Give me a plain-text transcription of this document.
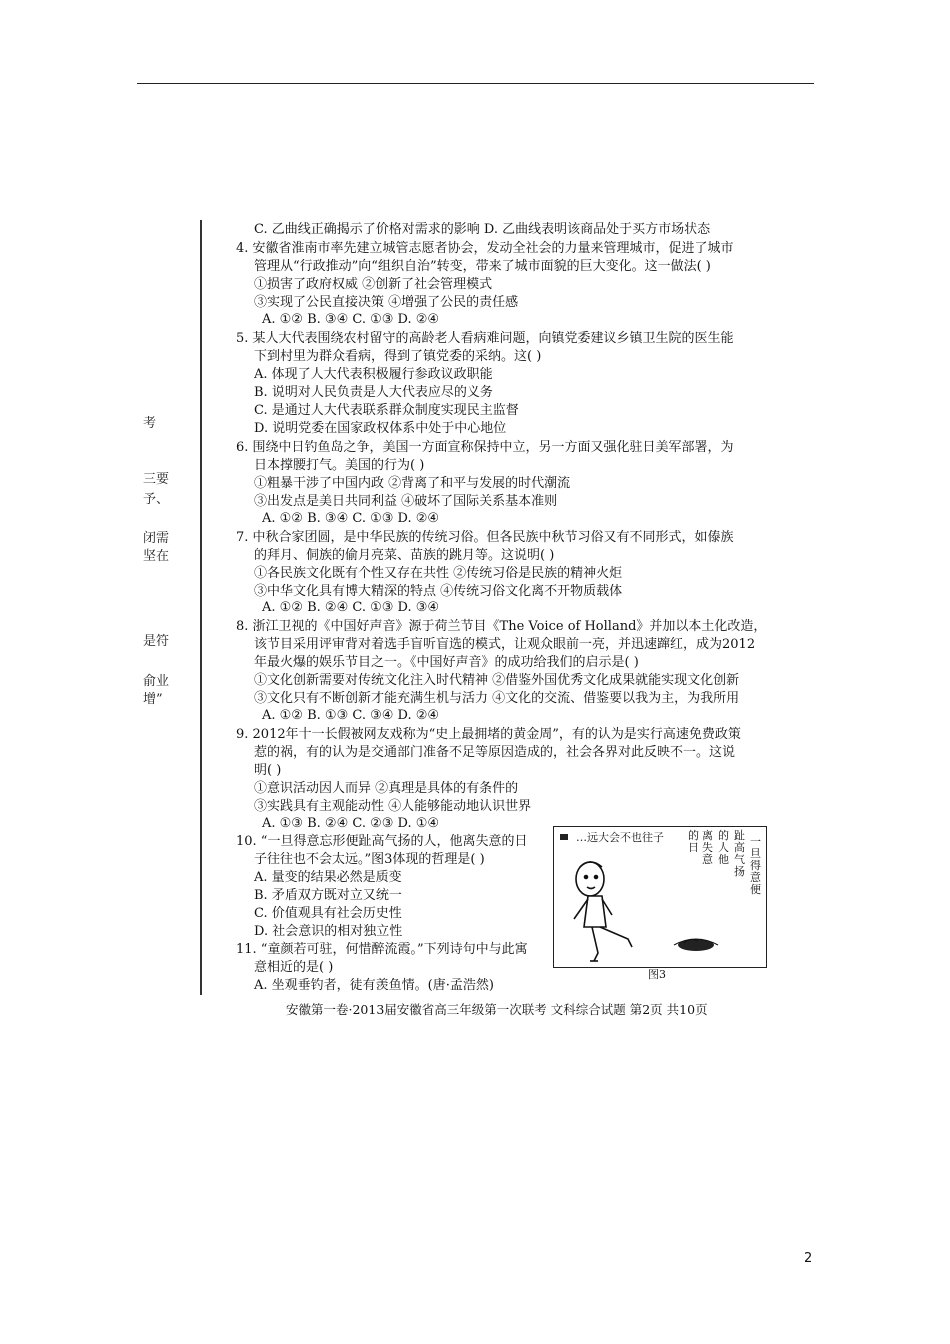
考
三要
予、
闭需
坚在
是符
俞业
增”
C. 乙曲线正确揭示了价格对需求的影响 D. 乙曲线表明该商品处于买方市场状态
4. 安徽省淮南市率先建立城管志愿者协会，发动全社会的力量来管理城市，促进了城市
管理从“行政推动”向“组织自治”转变，带来了城市面貌的巨大变化。这一做法( )
①损害了政府权威 ②创新了社会管理模式
③实现了公民直接决策 ④增强了公民的责任感
A. ①② B. ③④ C. ①③ D. ②④
5. 某人大代表围绕农村留守的高龄老人看病难问题，向镇党委建议乡镇卫生院的医生能
下到村里为群众看病，得到了镇党委的采纳。这( )
A. 体现了人大代表积极履行参政议政职能
B. 说明对人民负责是人大代表应尽的义务
C. 是通过人大代表联系群众制度实现民主监督
D. 说明党委在国家政权体系中处于中心地位
6. 围绕中日钓鱼岛之争，美国一方面宣称保持中立，另一方面又强化驻日美军部署，为
日本撑腰打气。美国的行为( )
①粗暴干涉了中国内政 ②背离了和平与发展的时代潮流
③出发点是美日共同利益 ④破坏了国际关系基本准则
A. ①② B. ③④ C. ①③ D. ②④
7. 中秋合家团圆，是中华民族的传统习俗。但各民族中秋节习俗又有不同形式，如傣族
的拜月、侗族的偷月亮菜、苗族的跳月等。这说明( )
①各民族文化既有个性又存在共性 ②传统习俗是民族的精神火炬
③中华文化具有博大精深的特点 ④传统习俗文化离不开物质载体
A. ①② B. ②④ C. ①③ D. ③④
8. 浙江卫视的《中国好声音》源于荷兰节目《The Voice of Holland》并加以本土化改造，
该节目采用评审背对着选手盲听盲选的模式，让观众眼前一亮，并迅速蹿红，成为2012
年最火爆的娱乐节目之一。《中国好声音》的成功给我们的启示是( )
①文化创新需要对传统文化注入时代精神 ②借鉴外国优秀文化成果就能实现文化创新
③文化只有不断创新才能充满生机与活力 ④文化的交流、借鉴要以我为主，为我所用
A. ①② B. ①③ C. ③④ D. ②④
9. 2012年十一长假被网友戏称为“史上最拥堵的黄金周”，有的认为是实行高速免费政策
惹的祸，有的认为是交通部门准备不足等原因造成的，社会各界对此反映不一。这说
明( )
①意识活动因人而异 ②真理是具体的有条件的
③实践具有主观能动性 ④人能够能动地认识世界
A. ①③ B. ②④ C. ②③ D. ①④
10. “一旦得意忘形便趾高气扬的人，他离失意的日
子往往也不会太远。”图3体现的哲理是( )
A. 量变的结果必然是质变
B. 矛盾双方既对立又统一
C. 价值观具有社会历史性
D. 社会意识的相对独立性
11. “童颜若可驻，何惜醉流霞。”下列诗句中与此寓
意相近的是( )
A. 坐观垂钓者，徒有羡鱼情。(唐·孟浩然)
一旦得意便
趾高气扬
的人他
离失意
的日
…远大会不也往子
图3
安徽第一卷·2013届安徽省高三年级第一次联考 文科综合试题 第2页 共10页
2
